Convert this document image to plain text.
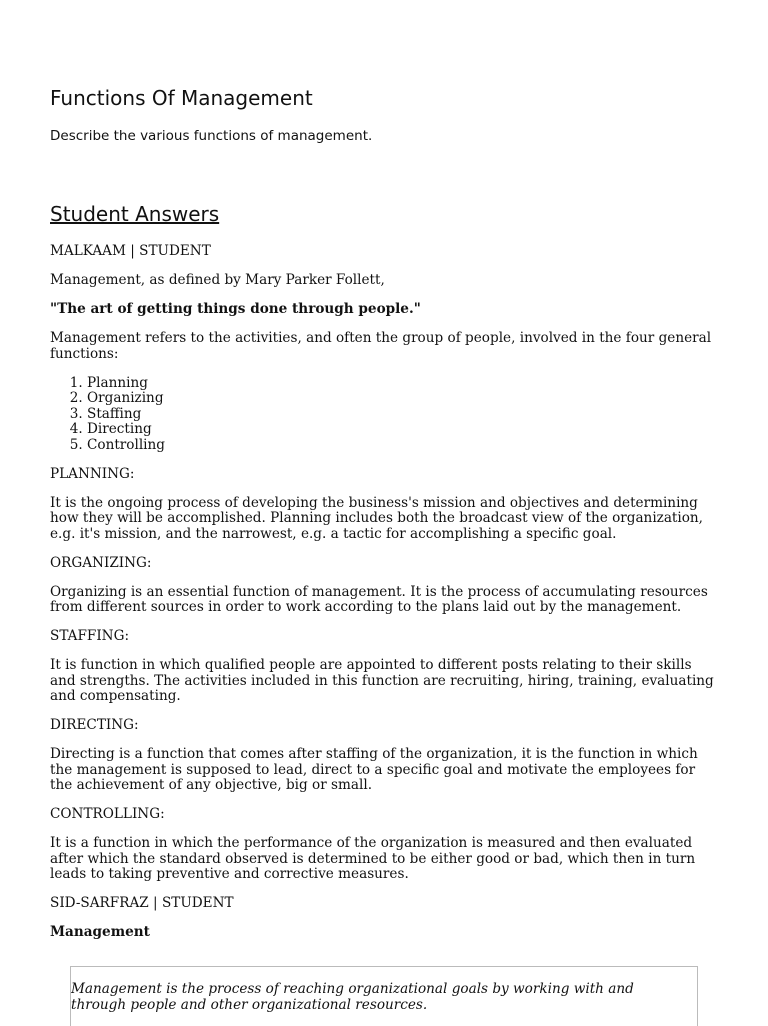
Functions Of Management
Describe the various functions of management.
Student Answers

MALKAAM | STUDENT

Management, as defined by Mary Parker Follett,

"The art of getting things done through people."

Management refers to the activities, and often the group of people, involved in the four general functions:

1. Planning
2. Organizing
3. Staffing
4. Directing
5. Controlling

PLANNING:

It is the ongoing process of developing the business's mission and objectives and determining how they will be accomplished. Planning includes both the broadcast view of the organization, e.g. it's mission, and the narrowest, e.g. a tactic for accomplishing a specific goal.

ORGANIZING:

Organizing is an essential function of management. It is the process of accumulating resources from different sources in order to work according to the plans laid out by the management.

STAFFING:

It is function in which qualified people are appointed to different posts relating to their skills and strengths. The activities included in this function are recruiting, hiring, training, evaluating and compensating.

DIRECTING:

Directing is a function that comes after staffing of the organization, it is the function in which the management is supposed to lead, direct to a specific goal and motivate the employees for the achievement of any objective, big or small.

CONTROLLING:

It is a function in which the performance of the organization is measured and then evaluated after which the standard observed is determined to be either good or bad, which then in turn leads to taking preventive and corrective measures.

SID-SARFRAZ | STUDENT

Management

Management is the process of reaching organizational goals by working with and through people and other organizational resources.
